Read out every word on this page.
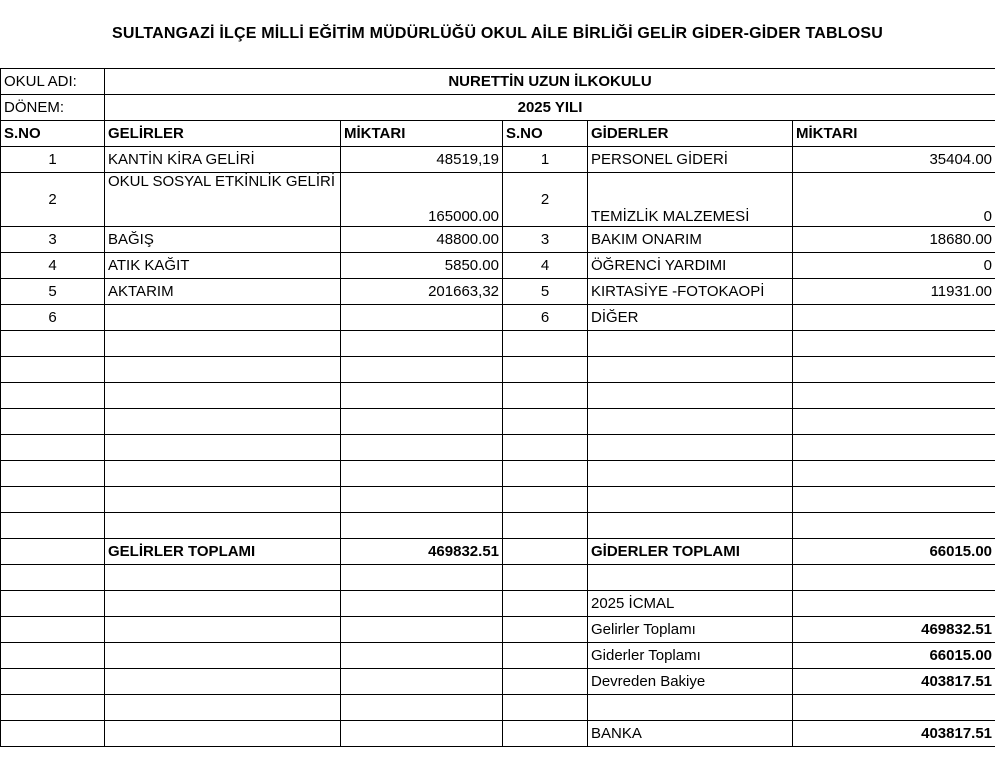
SULTANGAZİ İLÇE MİLLİ EĞİTİM MÜDÜRLÜĞÜ OKUL AİLE BİRLİĞİ GELİR GİDER-GİDER TABLOSU
OKUL ADI:	NURETTİN UZUN İLKOKULU				
DÖNEM:	2025 YILI				
S.NO	GELİRLER	MİKTARI	S.NO	GİDERLER	MİKTARI
1	KANTİN KİRA GELİRİ	48519,19	1	PERSONEL GİDERİ	35404.00
2	OKUL SOSYAL ETKİNLİK GELİRİ	165000.00	2	TEMİZLİK MALZEMESİ	0
3	BAĞIŞ	48800.00	3	BAKIM ONARIM	18680.00
4	ATIK KAĞIT	5850.00	4	ÖĞRENCİ YARDIMI	0
5	AKTARIM	201663,32	5	KIRTASİYE -FOTOKAOPİ	11931.00
6			6	DİĞER	

	GELİRLER TOPLAMI	469832.51		GİDERLER TOPLAMI	66015.00

				2025 İCMAL	
				Gelirler Toplamı	469832.51
				Giderler Toplamı	66015.00
				Devreden Bakiye	403817.51

				BANKA	403817.51
